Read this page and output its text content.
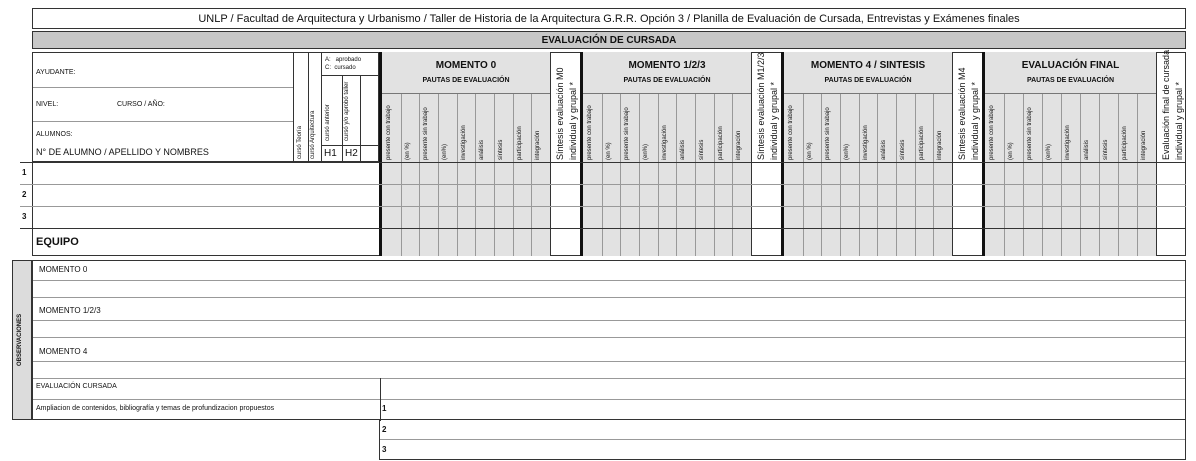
UNLP / Facultad de Arquitectura y Urbanismo / Taller de Historia de la Arquitectura G.R.R. Opción 3 / Planilla de Evaluación de Cursada, Entrevistas y Exámenes finales
EVALUACIÓN DE CURSADA
AYUDANTE:
NIVEL:	CURSO / AÑO:
ALUMNOS:
N° DE ALUMNO / APELLIDO Y NOMBRES
A:   aprobado
C:  cursado
H1 H2
cursó Teoría cursó Arquitectura cursó anterior cursó y/o aprobó taller
MOMENTO 0
PAUTAS DE EVALUACIÓN
presente con trabajo (en %) presente sin trabajo (en%) investigación análisis síntesis participación integración Síntesis evaluación M0
individual y grupal *
MOMENTO 1/2/3
PAUTAS DE EVALUACIÓN
presente con trabajo (en %) presente sin trabajo (en%) investigación análisis síntesis participación integración Síntesis evaluación M1/2/3
individual y grupal *
MOMENTO 4 / SINTESIS
PAUTAS DE EVALUACIÓN
presente con trabajo (en %) presente sin trabajo (en%) investigación análisis síntesis participación integración Síntesis evaluación M4
individual y grupal *
EVALUACIÓN FINAL
PAUTAS DE EVALUACIÓN
presente con trabajo (en %) presente sin trabajo (en%) investigación análisis síntesis participación integración Evaluación final de cursada
individual y grupal *
1
2
3
EQUIPO
OBSERVACIONES
MOMENTO 0
MOMENTO 1/2/3
MOMENTO 4
EVALUACIÓN CURSADA
Ampliacion de contenidos, bibliografía y temas de profundizacion propuestos	1
2
3
